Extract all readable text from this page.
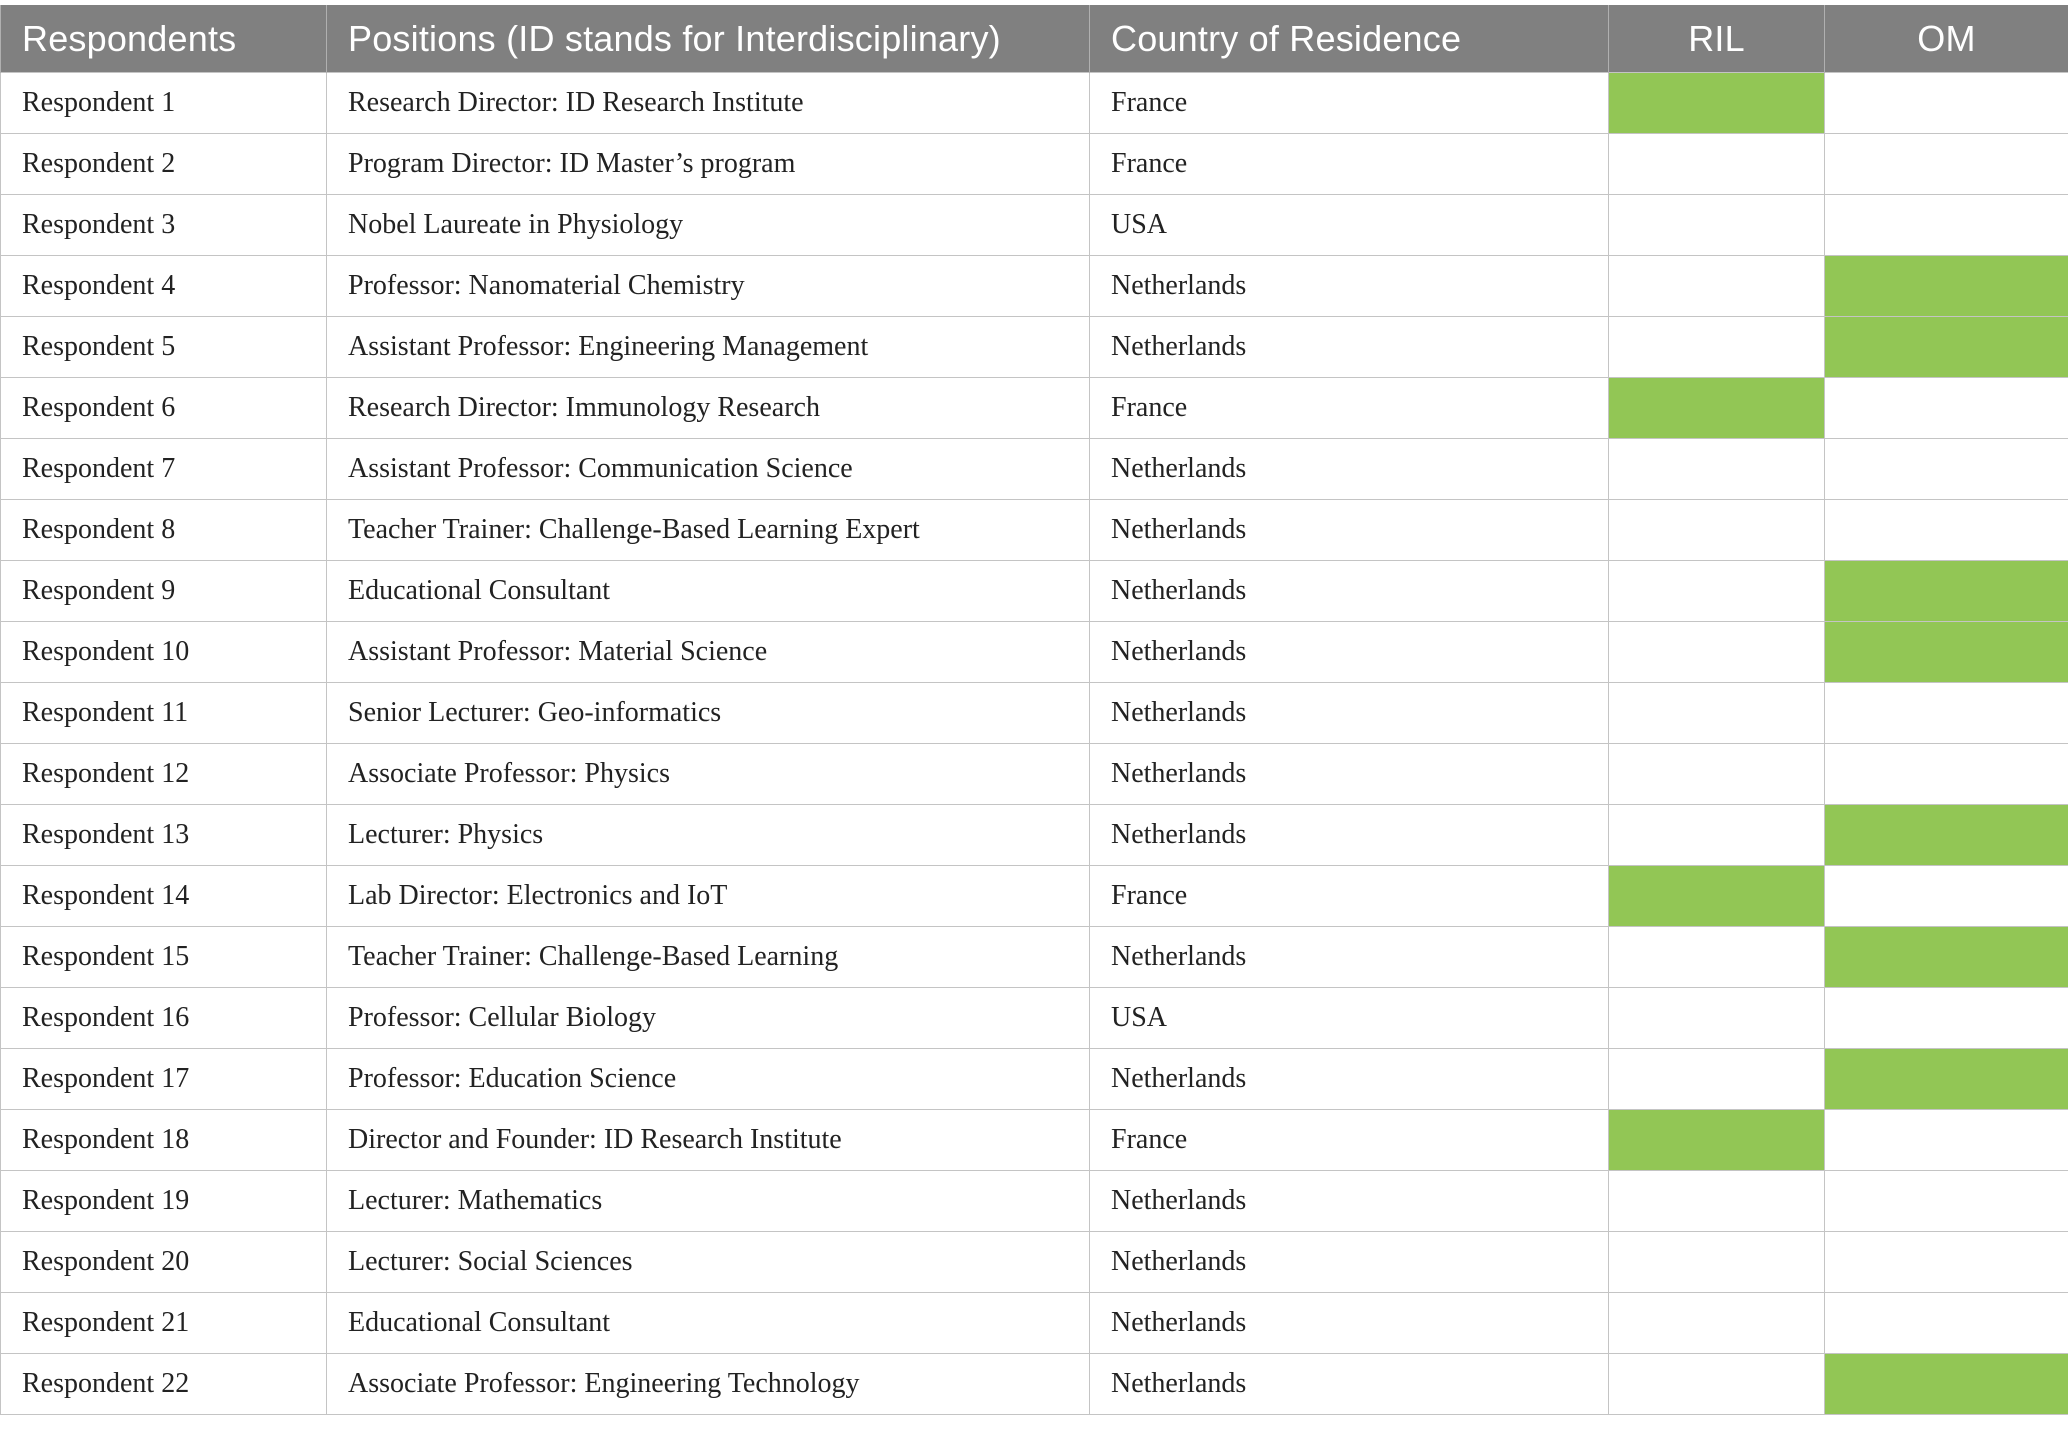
Respondents	Positions (ID stands for Interdisciplinary)	Country of Residence	RIL	OM
Respondent 1	Research Director: ID Research Institute	France		
Respondent 2	Program Director: ID Master’s program	France		
Respondent 3	Nobel Laureate in Physiology	USA		
Respondent 4	Professor: Nanomaterial Chemistry	Netherlands		
Respondent 5	Assistant Professor: Engineering Management	Netherlands		
Respondent 6	Research Director: Immunology Research	France		
Respondent 7	Assistant Professor: Communication Science	Netherlands		
Respondent 8	Teacher Trainer: Challenge-Based Learning Expert	Netherlands		
Respondent 9	Educational Consultant	Netherlands		
Respondent 10	Assistant Professor: Material Science	Netherlands		
Respondent 11	Senior Lecturer: Geo-informatics	Netherlands		
Respondent 12	Associate Professor: Physics	Netherlands		
Respondent 13	Lecturer: Physics	Netherlands		
Respondent 14	Lab Director: Electronics and IoT	France		
Respondent 15	Teacher Trainer: Challenge-Based Learning	Netherlands		
Respondent 16	Professor: Cellular Biology	USA		
Respondent 17	Professor: Education Science	Netherlands		
Respondent 18	Director and Founder: ID Research Institute	France		
Respondent 19	Lecturer: Mathematics	Netherlands		
Respondent 20	Lecturer: Social Sciences	Netherlands		
Respondent 21	Educational Consultant	Netherlands		
Respondent 22	Associate Professor: Engineering Technology	Netherlands		
